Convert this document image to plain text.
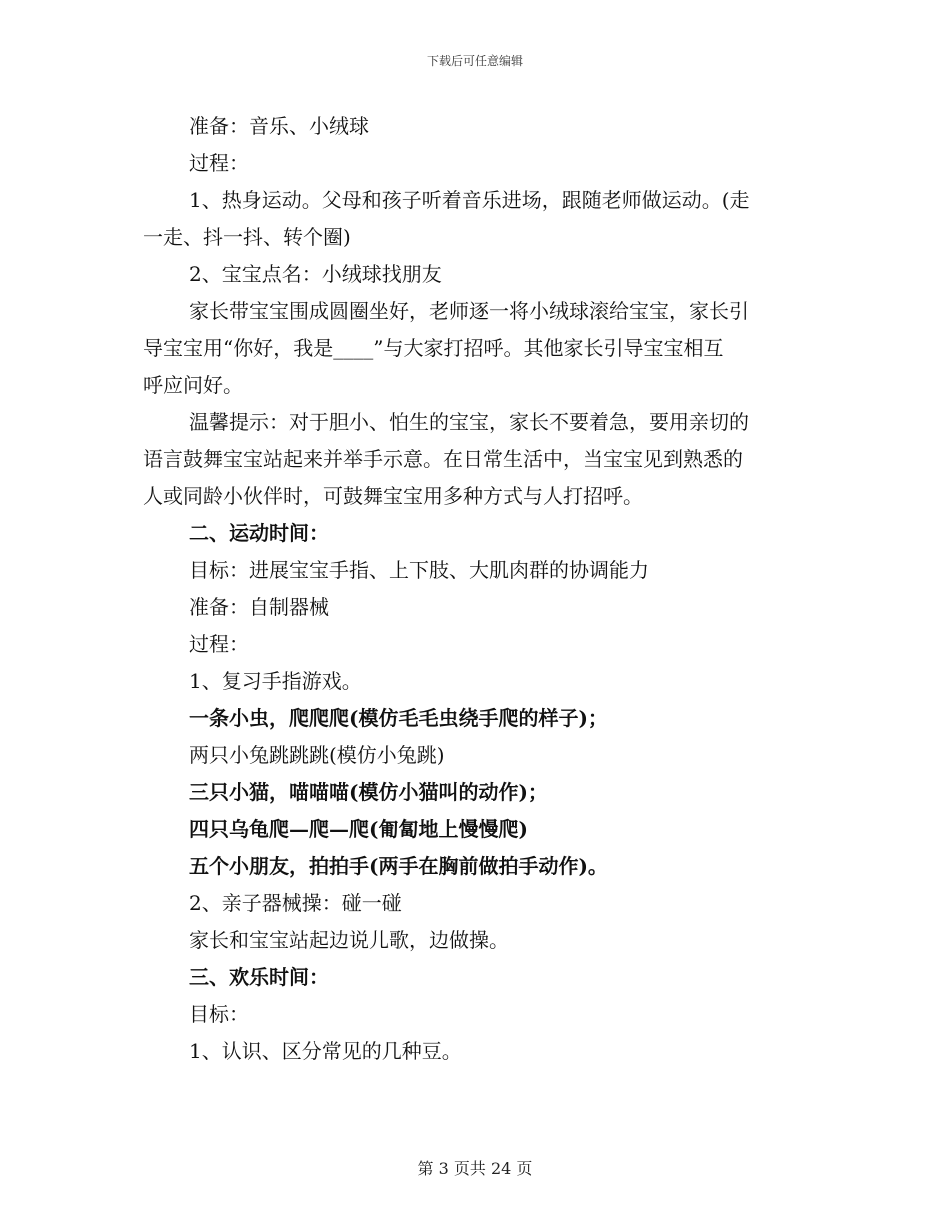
下载后可任意编辑
准备：音乐、小绒球
过程：
1、热身运动。父母和孩子听着音乐进场，跟随老师做运动。(走
一走、抖一抖、转个圈)
2、宝宝点名：小绒球找朋友
家长带宝宝围成圆圈坐好，老师逐一将小绒球滚给宝宝，家长引
导宝宝用“你好，我是____”与大家打招呼。其他家长引导宝宝相互
呼应问好。
温馨提示：对于胆小、怕生的宝宝，家长不要着急，要用亲切的
语言鼓舞宝宝站起来并举手示意。在日常生活中，当宝宝见到熟悉的
人或同龄小伙伴时，可鼓舞宝宝用多种方式与人打招呼。
二、运动时间：
目标：进展宝宝手指、上下肢、大肌肉群的协调能力
准备：自制器械
过程：
1、复习手指游戏。
一条小虫，爬爬爬(模仿毛毛虫绕手爬的样子)；
两只小兔跳跳跳(模仿小兔跳)
三只小猫，喵喵喵(模仿小猫叫的动作)；
四只乌龟爬—爬—爬(匍匐地上慢慢爬)
五个小朋友，拍拍手(两手在胸前做拍手动作)。
2、亲子器械操：碰一碰
家长和宝宝站起边说儿歌，边做操。
三、欢乐时间：
目标：
1、认识、区分常见的几种豆。
第 3 页共 24 页
